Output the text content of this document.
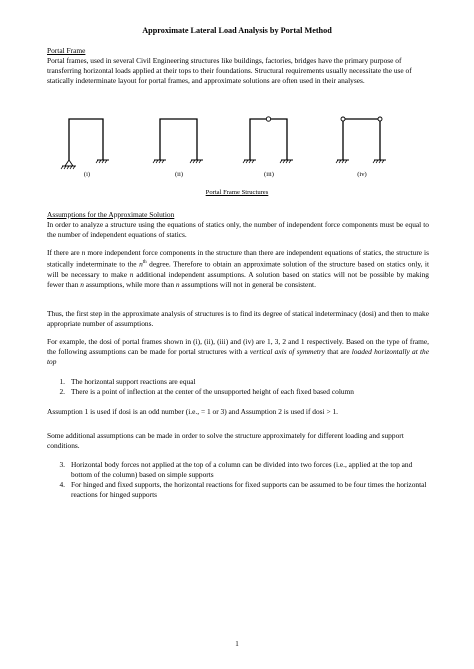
Approximate Lateral Load Analysis by Portal Method
Portal Frame
Portal frames, used in several Civil Engineering structures like buildings, factories, bridges have the primary purpose of transferring horizontal loads applied at their tops to their foundations. Structural requirements usually necessitate the use of statically indeterminate layout for portal frames, and approximate solutions are often used in their analyses.
(i)	(ii)	(iii)	(iv)
Portal Frame Structures
Assumptions for the Approximate Solution
In order to analyze a structure using the equations of statics only, the number of independent force components must be equal to the number of independent equations of statics.
If there are n more independent force components in the structure than there are independent equations of statics, the structure is statically indeterminate to the $n^{th}$ degree. Therefore to obtain an approximate solution of the structure based on statics only, it will be necessary to make n additional independent assumptions. A solution based on statics will not be possible by making fewer than n assumptions, while more than n assumptions will not in general be consistent.
Thus, the first step in the approximate analysis of structures is to find its degree of statical indeterminacy (dosi) and then to make appropriate number of assumptions.
For example, the dosi of portal frames shown in (i), (ii), (iii) and (iv) are 1, 3, 2 and 1 respectively. Based on the type of frame, the following assumptions can be made for portal structures with a vertical axis of symmetry that are loaded horizontally at the top
1. The horizontal support reactions are equal
2. There is a point of inflection at the center of the unsupported height of each fixed based column
Assumption 1 is used if dosi is an odd number (i.e., = 1 or 3) and Assumption 2 is used if dosi > 1.
Some additional assumptions can be made in order to solve the structure approximately for different loading and support conditions.
3. Horizontal body forces not applied at the top of a column can be divided into two forces (i.e., applied at the top and bottom of the column) based on simple supports
4. For hinged and fixed supports, the horizontal reactions for fixed supports can be assumed to be four times the horizontal reactions for hinged supports
1
